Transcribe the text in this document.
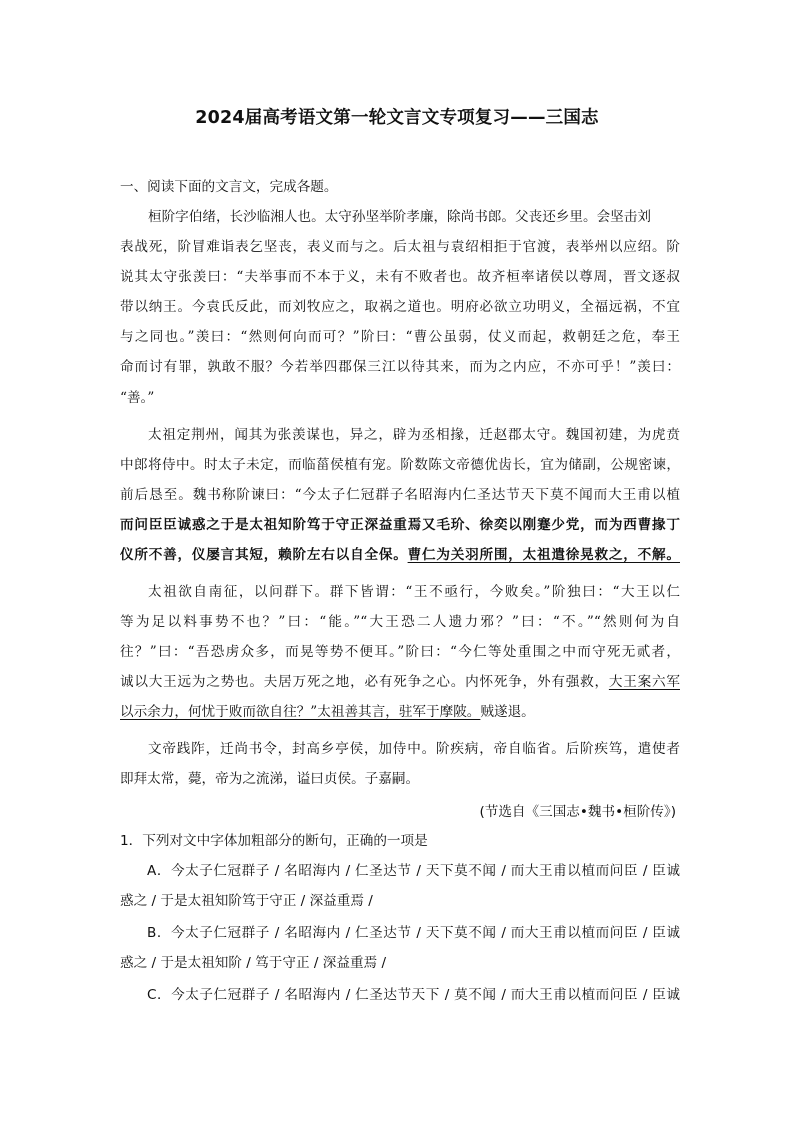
2024届高考语文第一轮文言文专项复习——三国志
一、阅读下面的文言文，完成各题。
桓阶字伯绪，长沙临湘人也。太守孙坚举阶孝廉，除尚书郎。父丧还乡里。会坚击刘
表战死，阶冒难诣表乞坚丧，表义而与之。后太祖与袁绍相拒于官渡，表举州以应绍。阶
说其太守张羡曰：“夫举事而不本于义，未有不败者也。故齐桓率诸侯以尊周，晋文逐叔
带以纳王。今袁氏反此，而刘牧应之，取祸之道也。明府必欲立功明义，全福远祸，不宜
与之同也。”羡曰：“然则何向而可？”阶曰：“曹公虽弱，仗义而起，救朝廷之危，奉王
命而讨有罪，孰敢不服？今若举四郡保三江以待其来，而为之内应，不亦可乎！”羡曰：
“善。”
太祖定荆州，闻其为张羡谋也，异之，辟为丞相掾，迁赵郡太守。魏国初建，为虎贲
中郎将侍中。时太子未定，而临菑侯植有宠。阶数陈文帝德优齿长，宜为储副，公规密谏，
前后恳至。魏书称阶谏曰：“今太子仁冠群子名昭海内仁圣达节天下莫不闻而大王甫以植
而问臣臣诚惑之于是太祖知阶笃于守正深益重焉又毛玠、徐奕以刚蹇少党，而为西曹掾丁
仪所不善，仪屡言其短，赖阶左右以自全保。曹仁为关羽所围，太祖遣徐晃救之，不解。
太祖欲自南征，以问群下。群下皆谓：“王不亟行，今败矣。”阶独曰：“大王以仁
等为足以料事势不也？”曰：“能。”“大王恐二人遗力邪？”曰：“不。”“然则何为自
往？”曰：“吾恐虏众多，而晃等势不便耳。”阶曰：“今仁等处重围之中而守死无贰者，
诚以大王远为之势也。夫居万死之地，必有死争之心。内怀死争，外有强救，大王案六军
以示余力，何忧于败而欲自往？”太祖善其言，驻军于摩陂。贼遂退。
文帝践阼，迁尚书令，封高乡亭侯，加侍中。阶疾病，帝自临省。后阶疾笃，遣使者
即拜太常，薨，帝为之流涕，谥曰贞侯。子嘉嗣。
(节选自《三国志•魏书•桓阶传》)
1．下列对文中字体加粗部分的断句，正确的一项是
A．今太子仁冠群子 / 名昭海内 / 仁圣达节 / 天下莫不闻 / 而大王甫以植而问臣 / 臣诚
惑之 / 于是太祖知阶笃于守正 / 深益重焉 /
B．今太子仁冠群子 / 名昭海内 / 仁圣达节 / 天下莫不闻 / 而大王甫以植而问臣 / 臣诚
惑之 / 于是太祖知阶 / 笃于守正 / 深益重焉 /
C．今太子仁冠群子 / 名昭海内 / 仁圣达节天下 / 莫不闻 / 而大王甫以植而问臣 / 臣诚
